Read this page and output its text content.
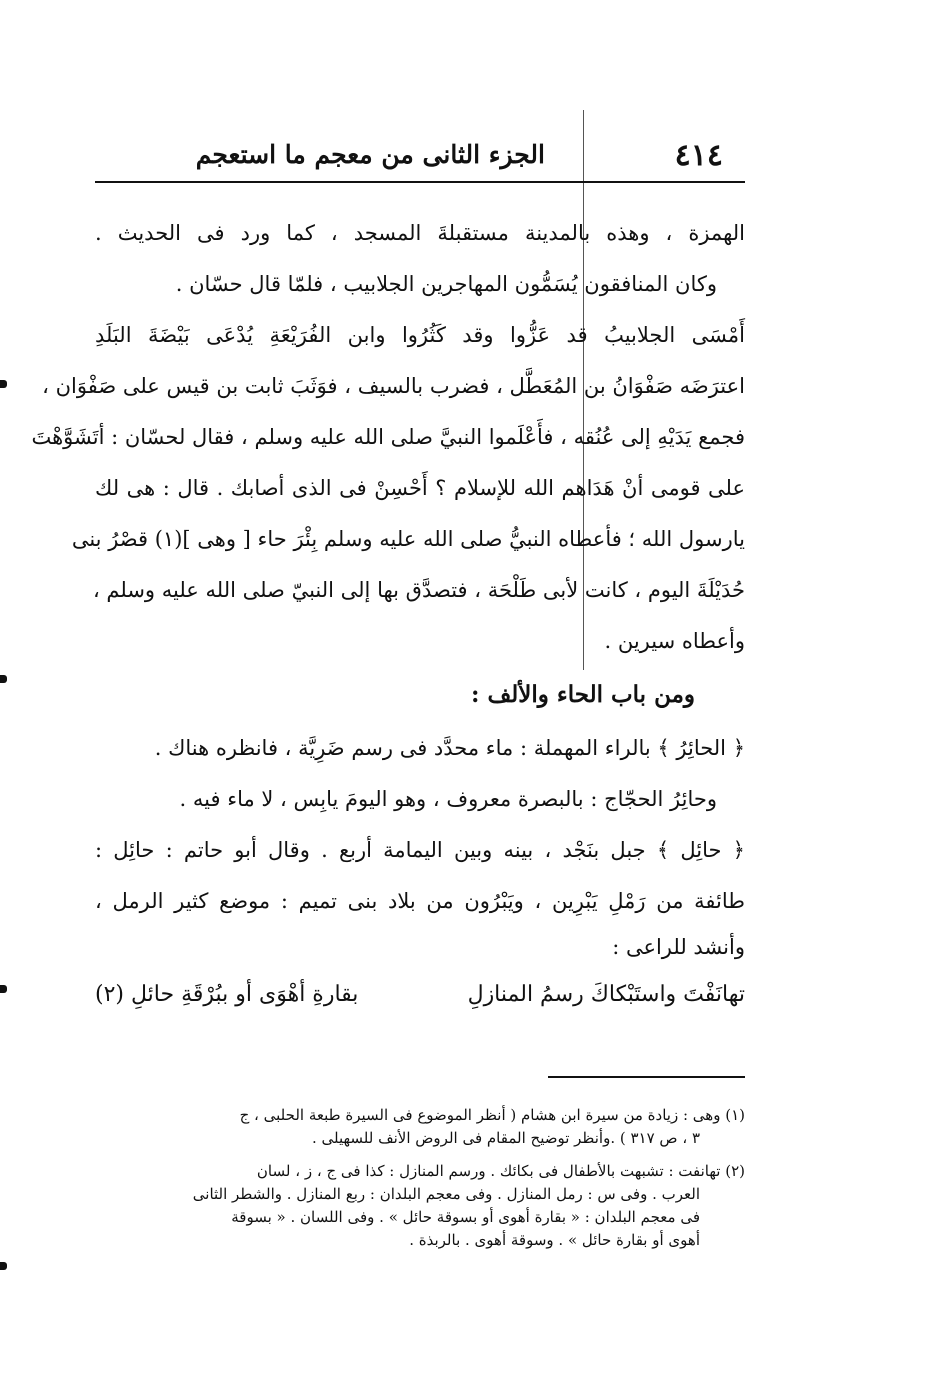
٤١٤
الجزء الثانى من معجم ما استعجم
الهمزة ، وهذه بالمدينة مستقبلةَ المسجد ، كما ورد فى الحديث .
وكان المنافقون يُسَمُّون المهاجرين الجلابيب ، فلمّا قال حسّان .
أَمْسَى الجلابيبُ قد عَزُّوا وقد كَثُرُوا وابن الفُرَيْعَةِ يُدْعَى بَيْضَةَ البَلَدِ
اعترَضَه صَفْوَانُ بن المُعَطَّل ، فضرب بالسيف ، فوَثَبَ ثابت بن قيس على صَفْوَان ،
فجمع يَدَيْهِ إلى عُنُقه ، فأَعْلَموا النبيَّ صلى الله عليه وسلم ، فقال لحسّان : أتَشَوَّهْتَ
على قومى أنْ هَدَاهم الله للإسلام ؟ أَحْسِنْ فى الذى أصابك . قال : هى لك
يارسول الله ؛ فأعطاه النبيُّ صلى الله عليه وسلم بِئْرَ حاء [ وهى ](١) قصْرُ بنى
حُدَيْلَةَ اليوم ، كانت لأبى طَلْحَة ، فتصدَّق بها إلى النبيّ صلى الله عليه وسلم ،
وأعطاه سيرين .
ومن باب الحاء والألف :
﴿ الحائِرُ ﴾ بالراء المهملة : ماء محدَّد فى رسم ضَرِيَّة ، فانظره هناك .
وحائِرُ الحجّاج : بالبصرة معروف ، وهو اليومَ يابِس ، لا ماء فيه .
﴿ حائِل ﴾ جبل بنَجْد ، بينه وبين اليمامة أربع . وقال أبو حاتم : حائِل :
طائفة من رَمْلِ يَبْرِين ، ويَبْرُون من بلاد بنى تميم : موضع كثير الرمل ،
وأنشد للراعى :
تهانَفْتَ واستَبْكاكَ رسمُ المنازلِ
بقارةِ أهْوَى أو ببُرْقَةِ حائلِ (٢)
(١) وهى : زيادة من سيرة ابن هشام ( أنظر الموضوع فى السيرة طبعة الحلبى ، ج
٣ ، ص ٣١٧ ) .وأنظر توضيح المقام فى الروض الأنف للسهيلى .
(٢) تهانفت : تشبهت بالأطفال فى بكائك . ورسم المنازل : كذا فى ج ، ز ، لسان
العرب . وفى س : رمل المنازل . وفى معجم البلدان : ربع المنازل . والشطر الثانى
فى معجم البلدان : « بقارة أهوى أو بسوقة حائل » . وفى اللسان . « بسوقة
أهوى أو بقارة حائل » . وسوقة أهوى . بالربذة .
